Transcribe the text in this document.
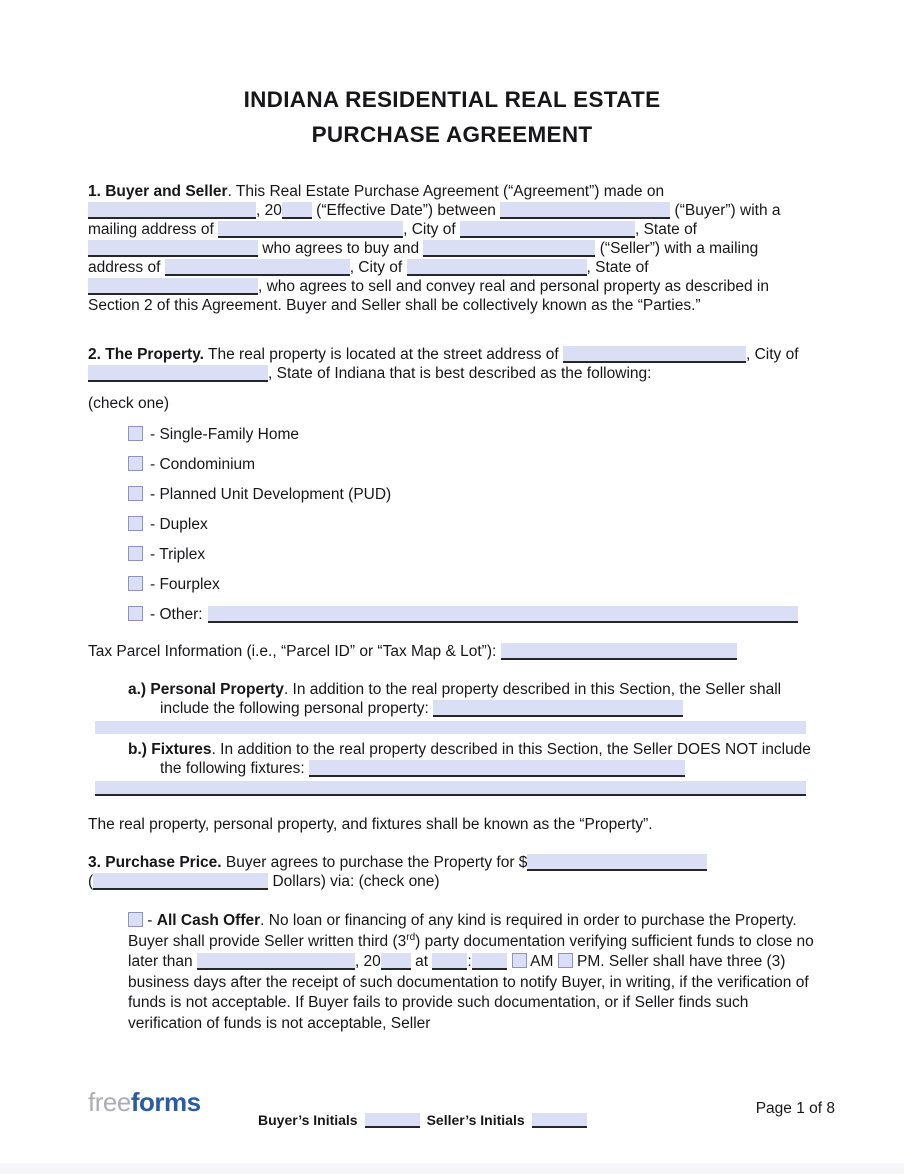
INDIANA RESIDENTIAL REAL ESTATE
PURCHASE AGREEMENT

1. Buyer and Seller. This Real Estate Purchase Agreement (“Agreement”) made on , 20 (“Effective Date”) between	(“Buyer”) with a mailing address of	, City of	, State of  who agrees to buy and	(“Seller”) with a mailing address of	, City of	, State of , who agrees to sell and convey real and personal property as described in Section 2 of this Agreement. Buyer and Seller shall be collectively known as the “Parties.”

2. The Property. The real property is located at the street address of	, City of , State of Indiana that is best described as the following:

(check one)

- Single-Family Home
- Condominium
- Planned Unit Development (PUD)
- Duplex
- Triplex
- Fourplex
- Other:

Tax Parcel Information (i.e., “Parcel ID” or “Tax Map & Lot”):

a.) Personal Property. In addition to the real property described in this Section, the Seller shall include the following personal property:

b.) Fixtures. In addition to the real property described in this Section, the Seller DOES NOT include the following fixtures:

The real property, personal property, and fixtures shall be known as the “Property”.

3. Purchase Price. Buyer agrees to purchase the Property for $ (	Dollars) via: (check one)

- All Cash Offer. No loan or financing of any kind is required in order to purchase the Property. Buyer shall provide Seller written third (3rd) party documentation verifying sufficient funds to close no later than	, 20 at :	AM  PM. Seller shall have three (3) business days after the receipt of such documentation to notify Buyer, in writing, if the verification of funds is not acceptable. If Buyer fails to provide such documentation, or if Seller finds such verification of funds is not acceptable, Seller

freeforms
Buyer’s Initials	Seller’s Initials
Page 1 of 8
